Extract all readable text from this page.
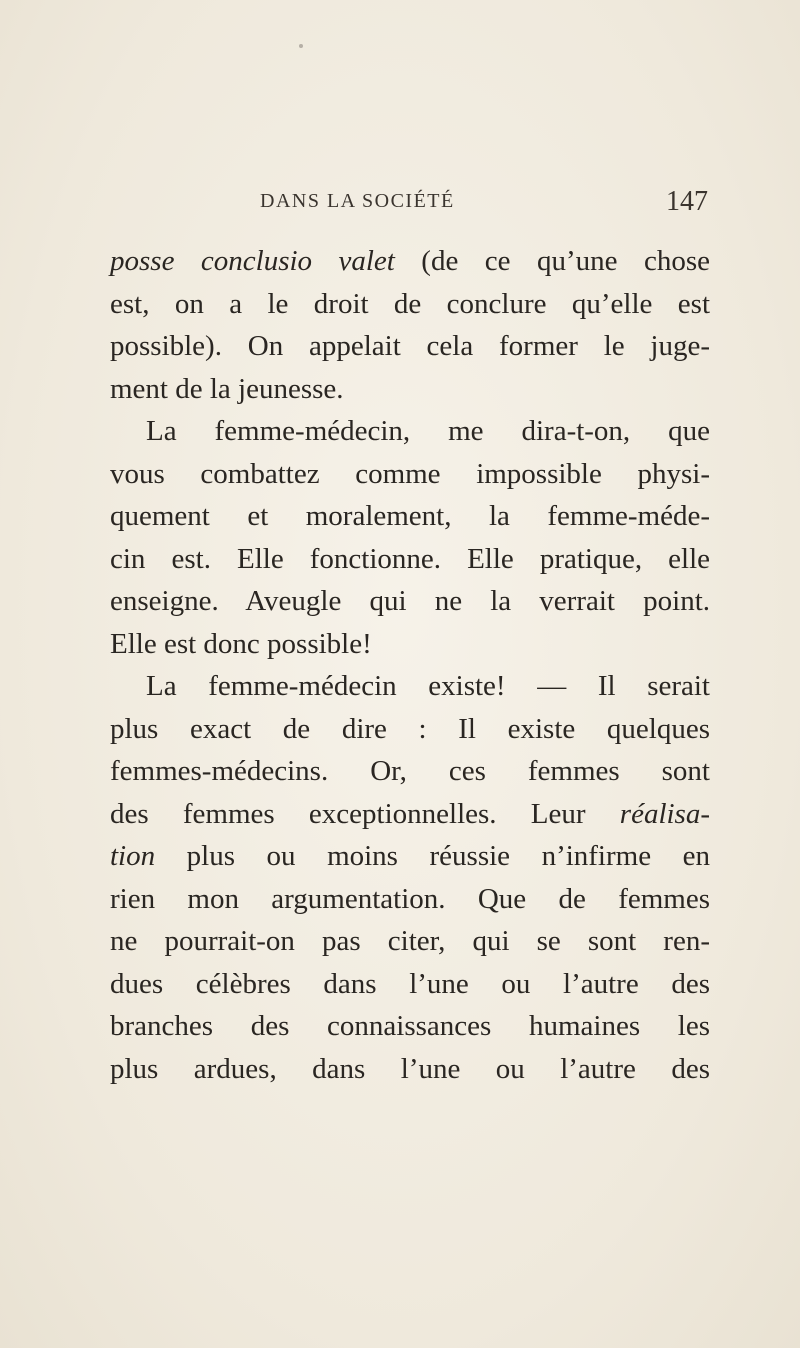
DANS LA SOCIÉTÉ	147
posse conclusio valet (de ce qu’une chose
est, on a le droit de conclure qu’elle est
possible). On appelait cela former le juge-
ment de la jeunesse.
La femme-médecin, me dira-t-on, que
vous combattez comme impossible physi-
quement et moralement, la femme-méde-
cin est. Elle fonctionne. Elle pratique, elle
enseigne. Aveugle qui ne la verrait point.
Elle est donc possible!
La femme-médecin existe! — Il serait
plus exact de dire : Il existe quelques
femmes-médecins. Or, ces femmes sont
des femmes exceptionnelles. Leur réalisa-
tion plus ou moins réussie n’infirme en
rien mon argumentation. Que de femmes
ne pourrait-on pas citer, qui se sont ren-
dues célèbres dans l’une ou l’autre des
branches des connaissances humaines les
plus ardues, dans l’une ou l’autre des
